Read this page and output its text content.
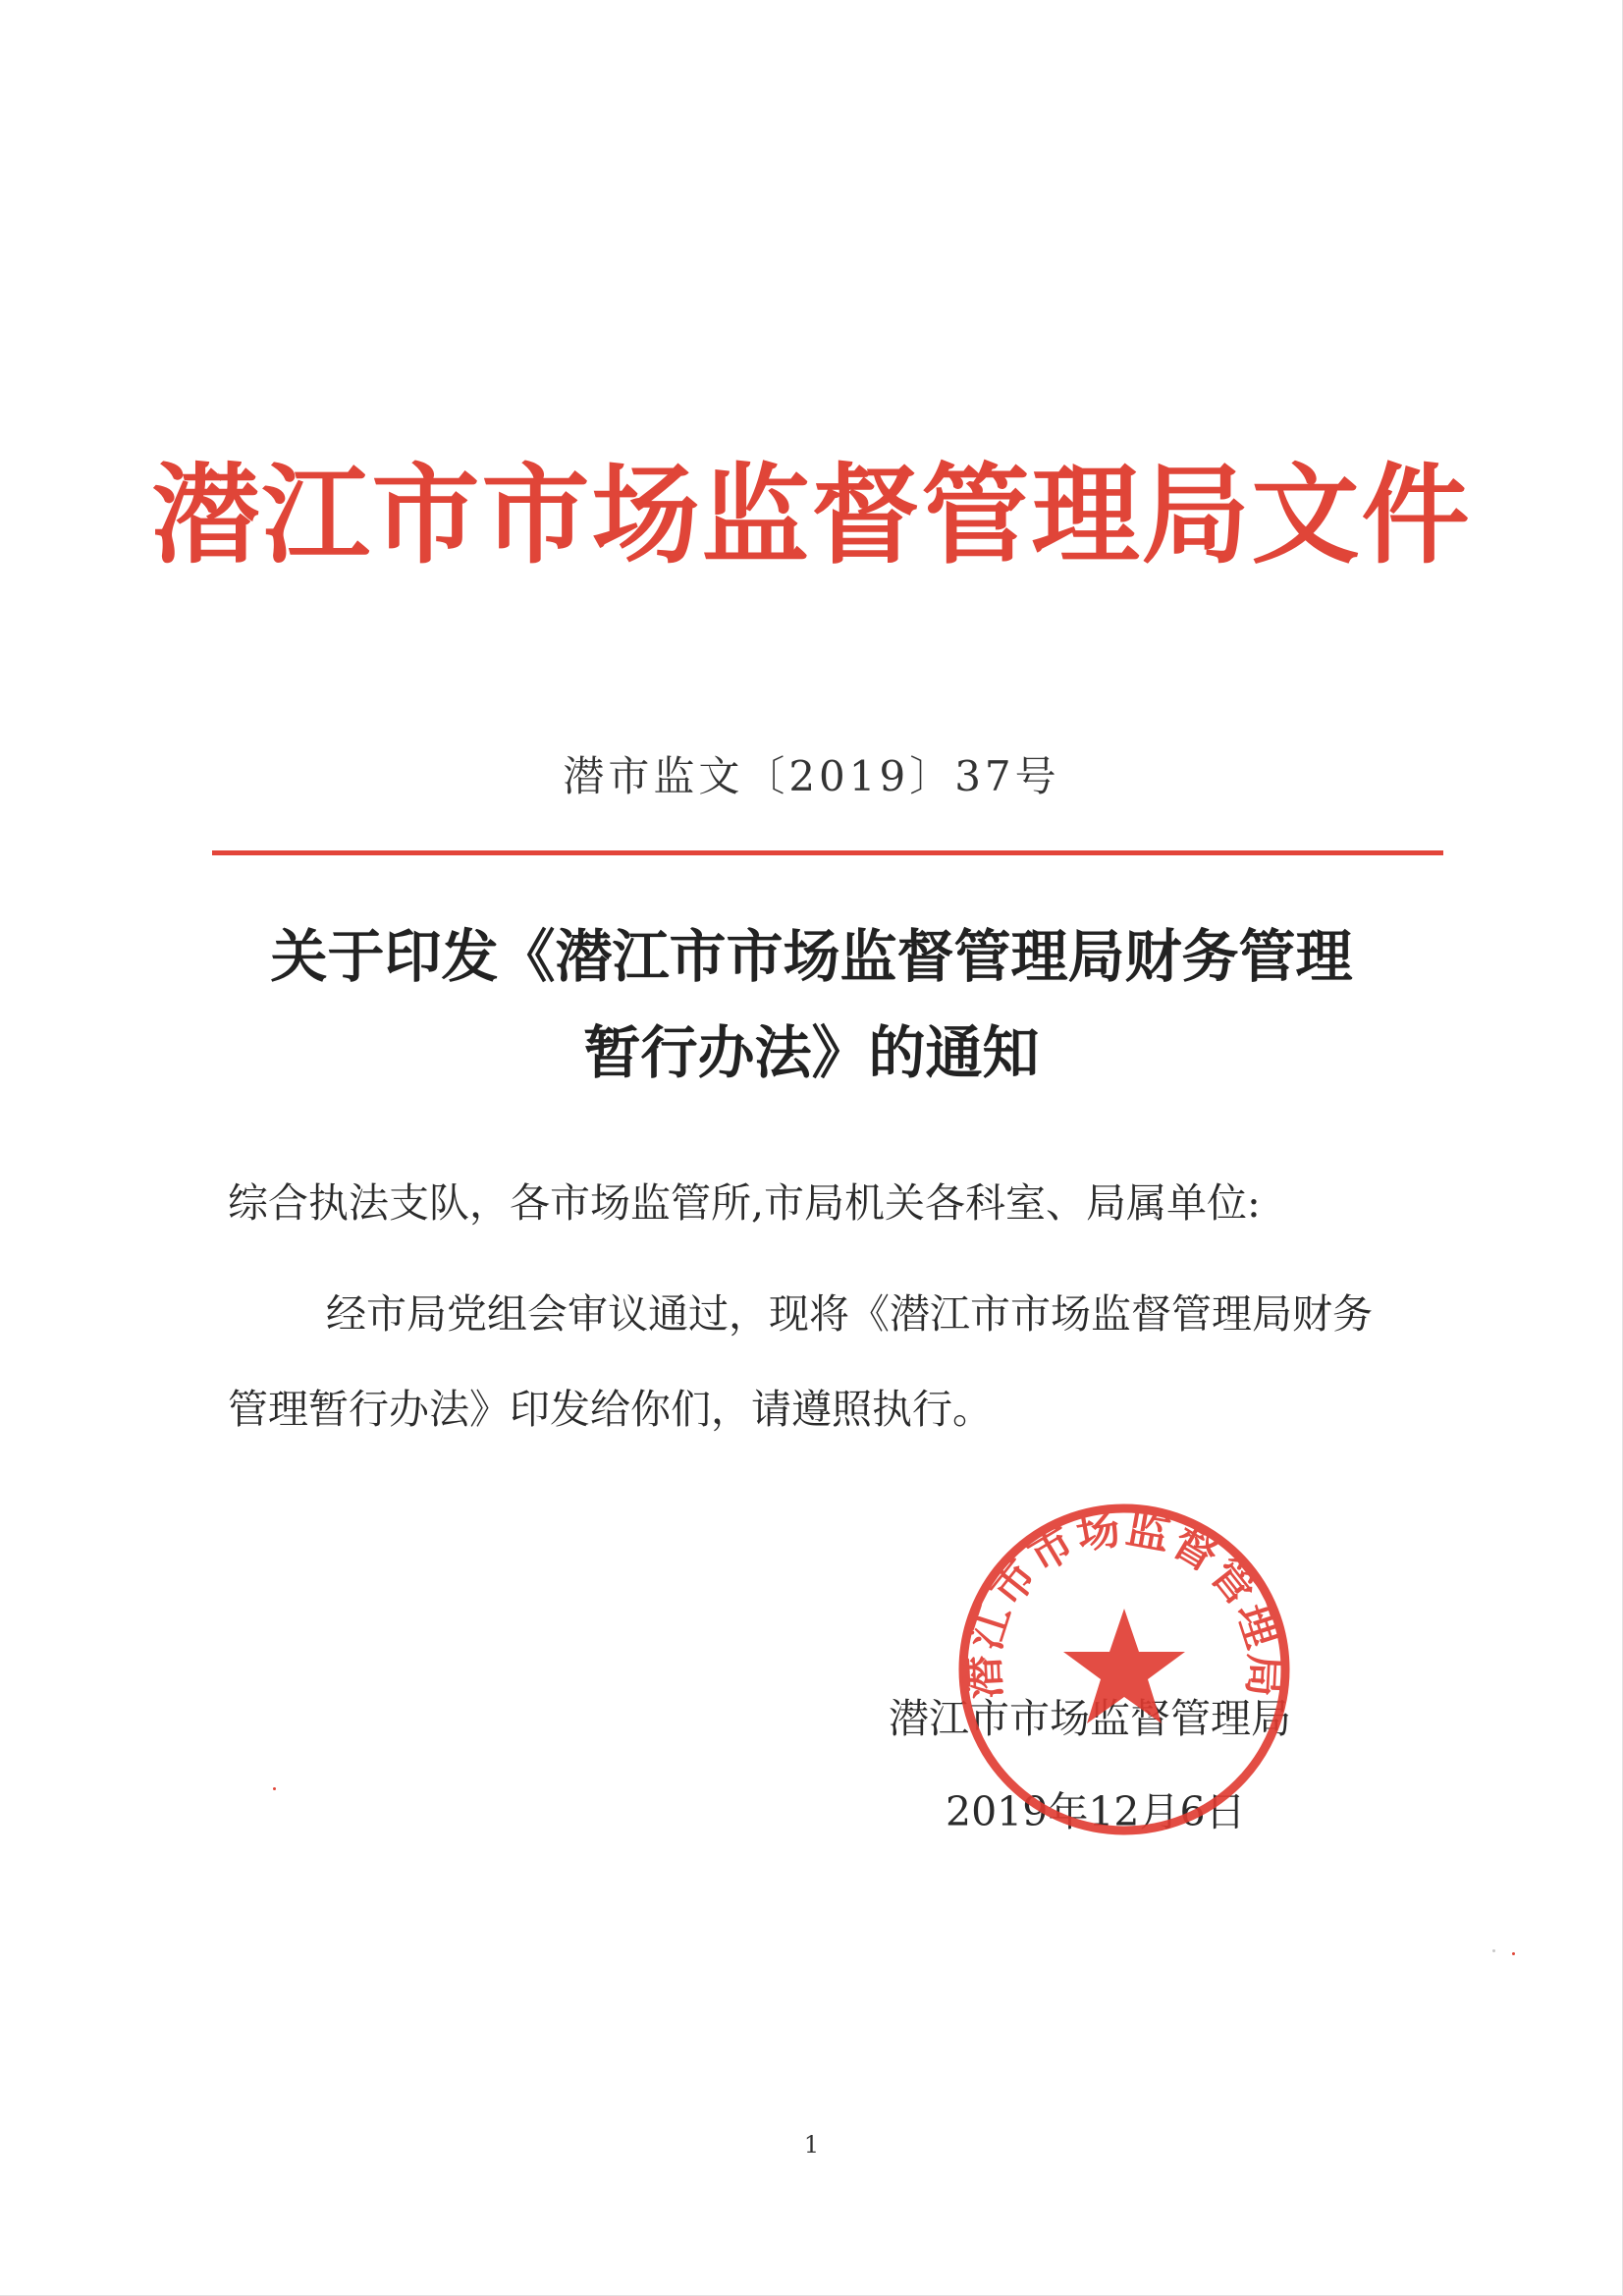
潜江市市场监督管理局文件
潜市监文〔2019〕37号
关于印发《潜江市市场监督管理局财务管理
暂行办法》的通知
综合执法支队，各市场监管所,市局机关各科室、局属单位:
经市局党组会审议通过，现将《潜江市市场监督管理局财务
管理暂行办法》印发给你们，请遵照执行。
潜江市市场监督管理局
2019年12月6日
潜江市市场监督管理局
1
